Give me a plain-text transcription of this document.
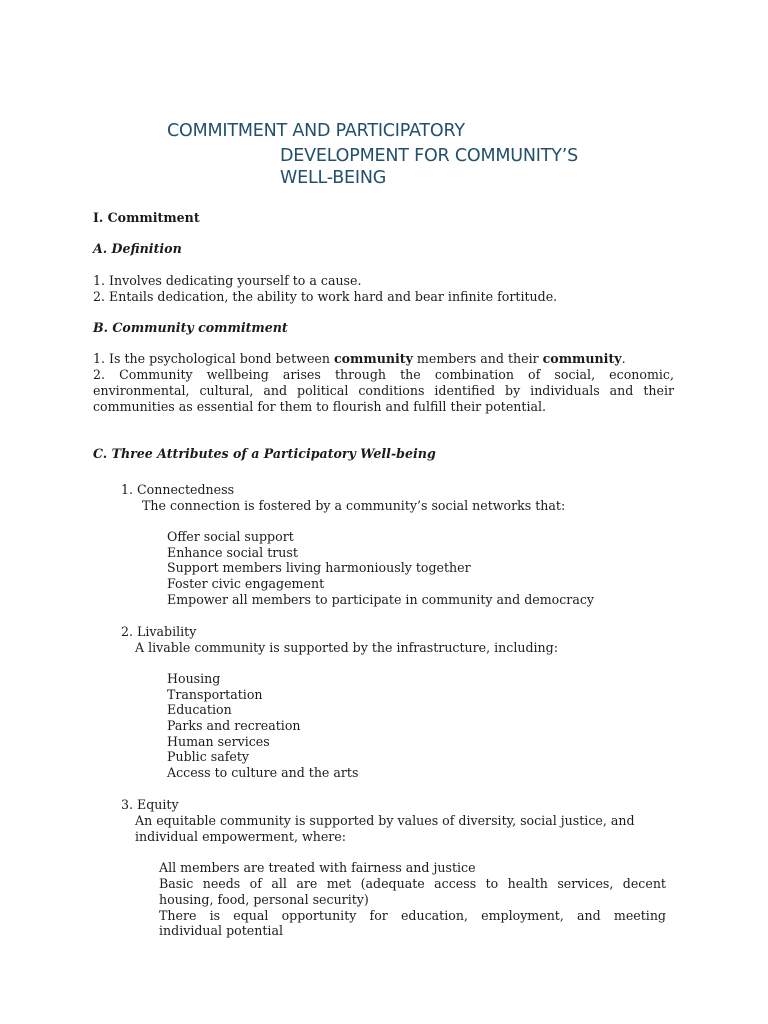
COMMITMENT AND PARTICIPATORY
DEVELOPMENT FOR COMMUNITY’S
WELL-BEING
I. Commitment
A. Definition
1. Involves dedicating yourself to a cause.
2. Entails dedication, the ability to work hard and bear infinite fortitude.
B. Community commitment
1. Is the psychological bond between community members and their community.
2. Community wellbeing arises through the combination of social, economic,
environmental, cultural, and political conditions identified by individuals and their
communities as essential for them to flourish and fulfill their potential.
C. Three Attributes of a Participatory Well-being
1. Connectedness
The connection is fostered by a community’s social networks that:
Offer social support
Enhance social trust
Support members living harmoniously together
Foster civic engagement
Empower all members to participate in community and democracy
2. Livability
A livable community is supported by the infrastructure, including:
Housing
Transportation
Education
Parks and recreation
Human services
Public safety
Access to culture and the arts
3. Equity
An equitable community is supported by values of diversity, social justice, and
individual empowerment, where:
All members are treated with fairness and justice
Basic needs of all are met (adequate access to health services, decent
housing, food, personal security)
There is equal opportunity for education, employment, and meeting
individual potential
